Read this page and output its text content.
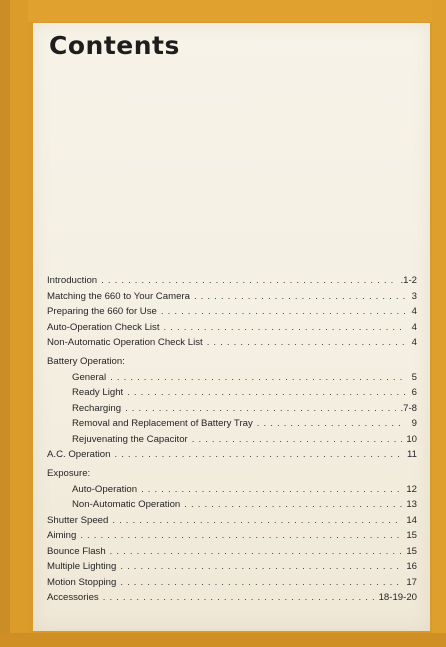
Contents
Introduction . . .	.1-2
Matching the 660 to Your Camera . . .	3
Preparing the 660 for Use . . .	4
Auto-Operation Check List . . .	4
Non-Automatic Operation Check List . . .	4
Battery Operation:
General . . .	5
Ready Light . . .	6
Recharging . . .	.7-8
Removal and Replacement of Battery Tray . . .	9
Rejuvenating the Capacitor . . .	10
A.C. Operation . . .	11
Exposure:
Auto-Operation . . .	12
Non-Automatic Operation . . .	13
Shutter Speed . . .	14
Aiming . . .	15
Bounce Flash . . .	15
Multiple Lighting . . .	16
Motion Stopping . . .	17
Accessories . . .	18-19-20
